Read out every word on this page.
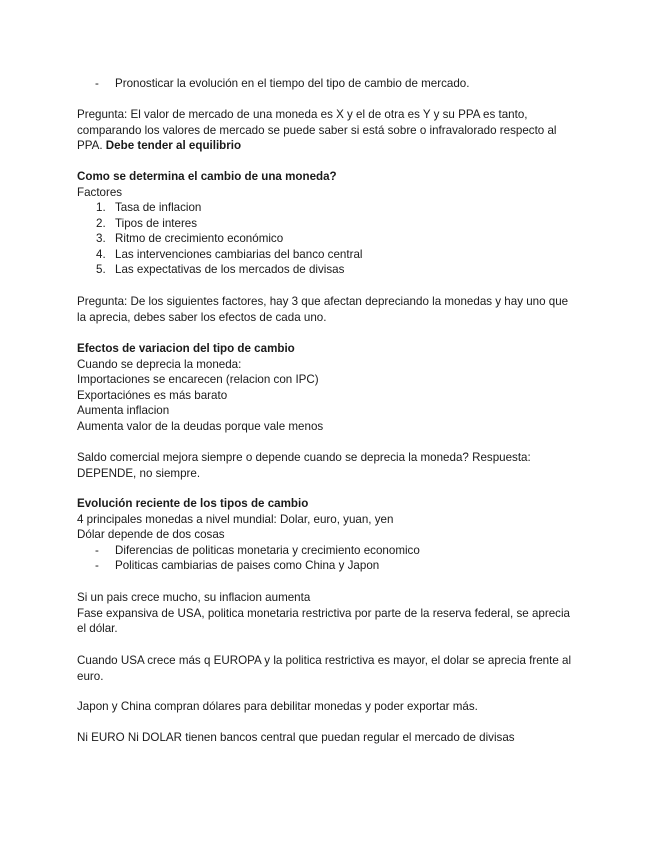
- Pronosticar la evolución en el tiempo del tipo de cambio de mercado.
Pregunta: El valor de mercado de una moneda es X y el de otra es Y y su PPA es tanto, comparando los valores de mercado se puede saber si está sobre o infravalorado respecto al PPA. Debe tender al equilibrio
Como se determina el cambio de una moneda?
Factores
1. Tasa de inflacion
2. Tipos de interes
3. Ritmo de crecimiento económico
4. Las intervenciones cambiarias del banco central
5. Las expectativas de los mercados de divisas
Pregunta: De los siguientes factores, hay 3 que afectan depreciando la monedas y hay uno que la aprecia, debes saber los efectos de cada uno.
Efectos de variacion del tipo de cambio
Cuando se deprecia la moneda:
Importaciones se encarecen (relacion con IPC)
Exportaciónes es más barato
Aumenta inflacion
Aumenta valor de la deudas porque vale menos
Saldo comercial mejora siempre o depende cuando se deprecia la moneda? Respuesta: DEPENDE, no siempre.
Evolución reciente de los tipos de cambio
4 principales monedas a nivel mundial: Dolar, euro, yuan, yen
Dólar depende de dos cosas
- Diferencias de politicas monetaria y crecimiento economico
- Politicas cambiarias de paises como China y Japon
Si un pais crece mucho, su inflacion aumenta
Fase expansiva de USA, politica monetaria restrictiva por parte de la reserva federal, se aprecia el dólar.
Cuando USA crece más q EUROPA y la politica restrictiva es mayor, el dolar se aprecia frente al euro.
Japon y China compran dólares para debilitar monedas y poder exportar más.
Ni EURO Ni DOLAR tienen bancos central que puedan regular el mercado de divisas
